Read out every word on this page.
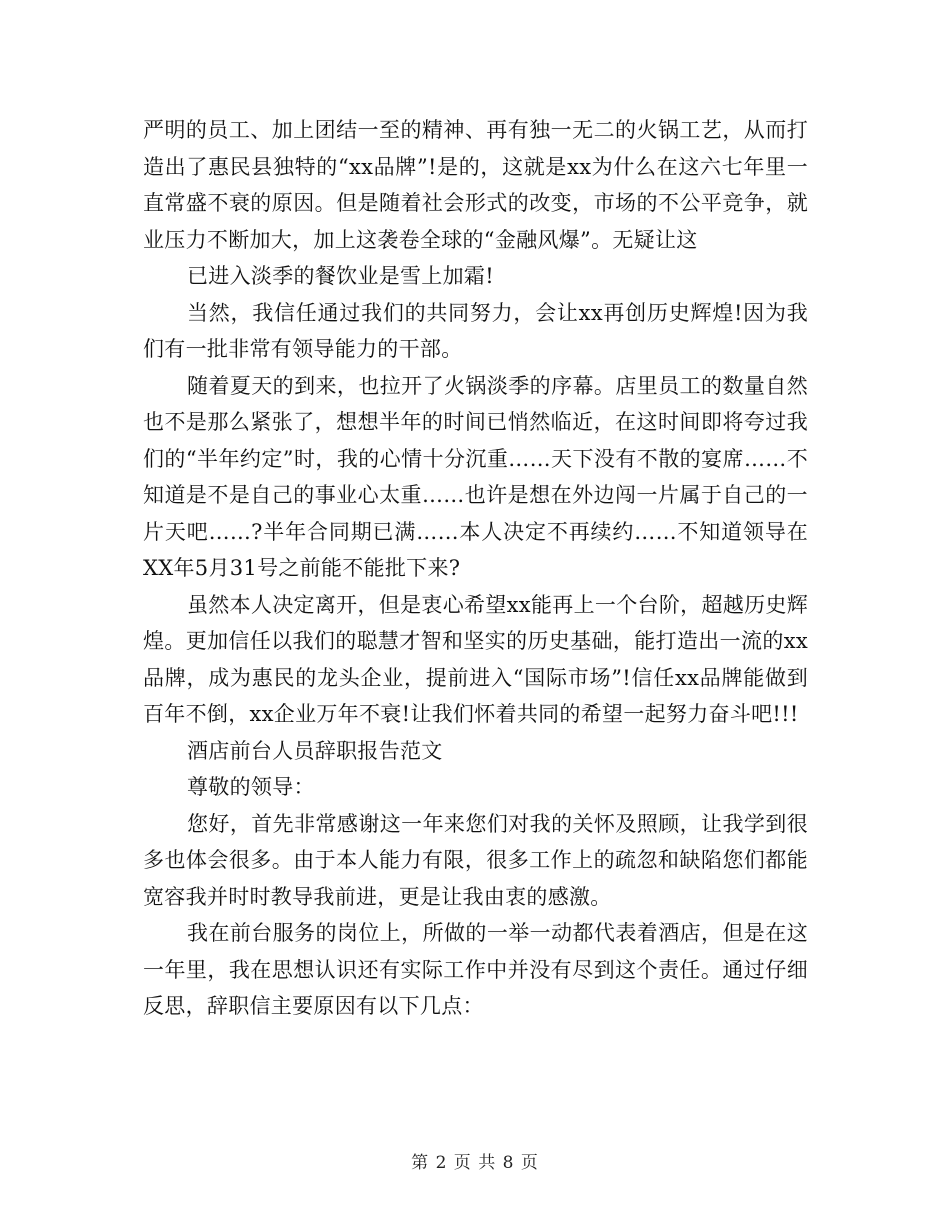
严明的员工、加上团结一至的精神、再有独一无二的火锅工艺，从而打造出了惠民县独特的“xx品牌”!是的，这就是xx为什么在这六七年里一直常盛不衰的原因。但是随着社会形式的改变，市场的不公平竞争，就业压力不断加大，加上这袭卷全球的“金融风爆”。无疑让这

已进入淡季的餐饮业是雪上加霜!

当然，我信任通过我们的共同努力，会让xx再创历史辉煌!因为我们有一批非常有领导能力的干部。

随着夏天的到来，也拉开了火锅淡季的序幕。店里员工的数量自然也不是那么紧张了，想想半年的时间已悄然临近，在这时间即将夸过我们的“半年约定”时，我的心情十分沉重……天下没有不散的宴席……不知道是不是自己的事业心太重……也许是想在外边闯一片属于自己的一片天吧……?半年合同期已满……本人决定不再续约……不知道领导在XX年5月31号之前能不能批下来?

虽然本人决定离开，但是衷心希望xx能再上一个台阶，超越历史辉煌。更加信任以我们的聪慧才智和坚实的历史基础，能打造出一流的xx品牌，成为惠民的龙头企业，提前进入“国际市场”!信任xx品牌能做到百年不倒，xx企业万年不衰!让我们怀着共同的希望一起努力奋斗吧!!!

酒店前台人员辞职报告范文

尊敬的领导：

您好，首先非常感谢这一年来您们对我的关怀及照顾，让我学到很多也体会很多。由于本人能力有限，很多工作上的疏忽和缺陷您们都能宽容我并时时教导我前进，更是让我由衷的感激。

我在前台服务的岗位上，所做的一举一动都代表着酒店，但是在这一年里，我在思想认识还有实际工作中并没有尽到这个责任。通过仔细反思，辞职信主要原因有以下几点：

第 2 页 共 8 页
